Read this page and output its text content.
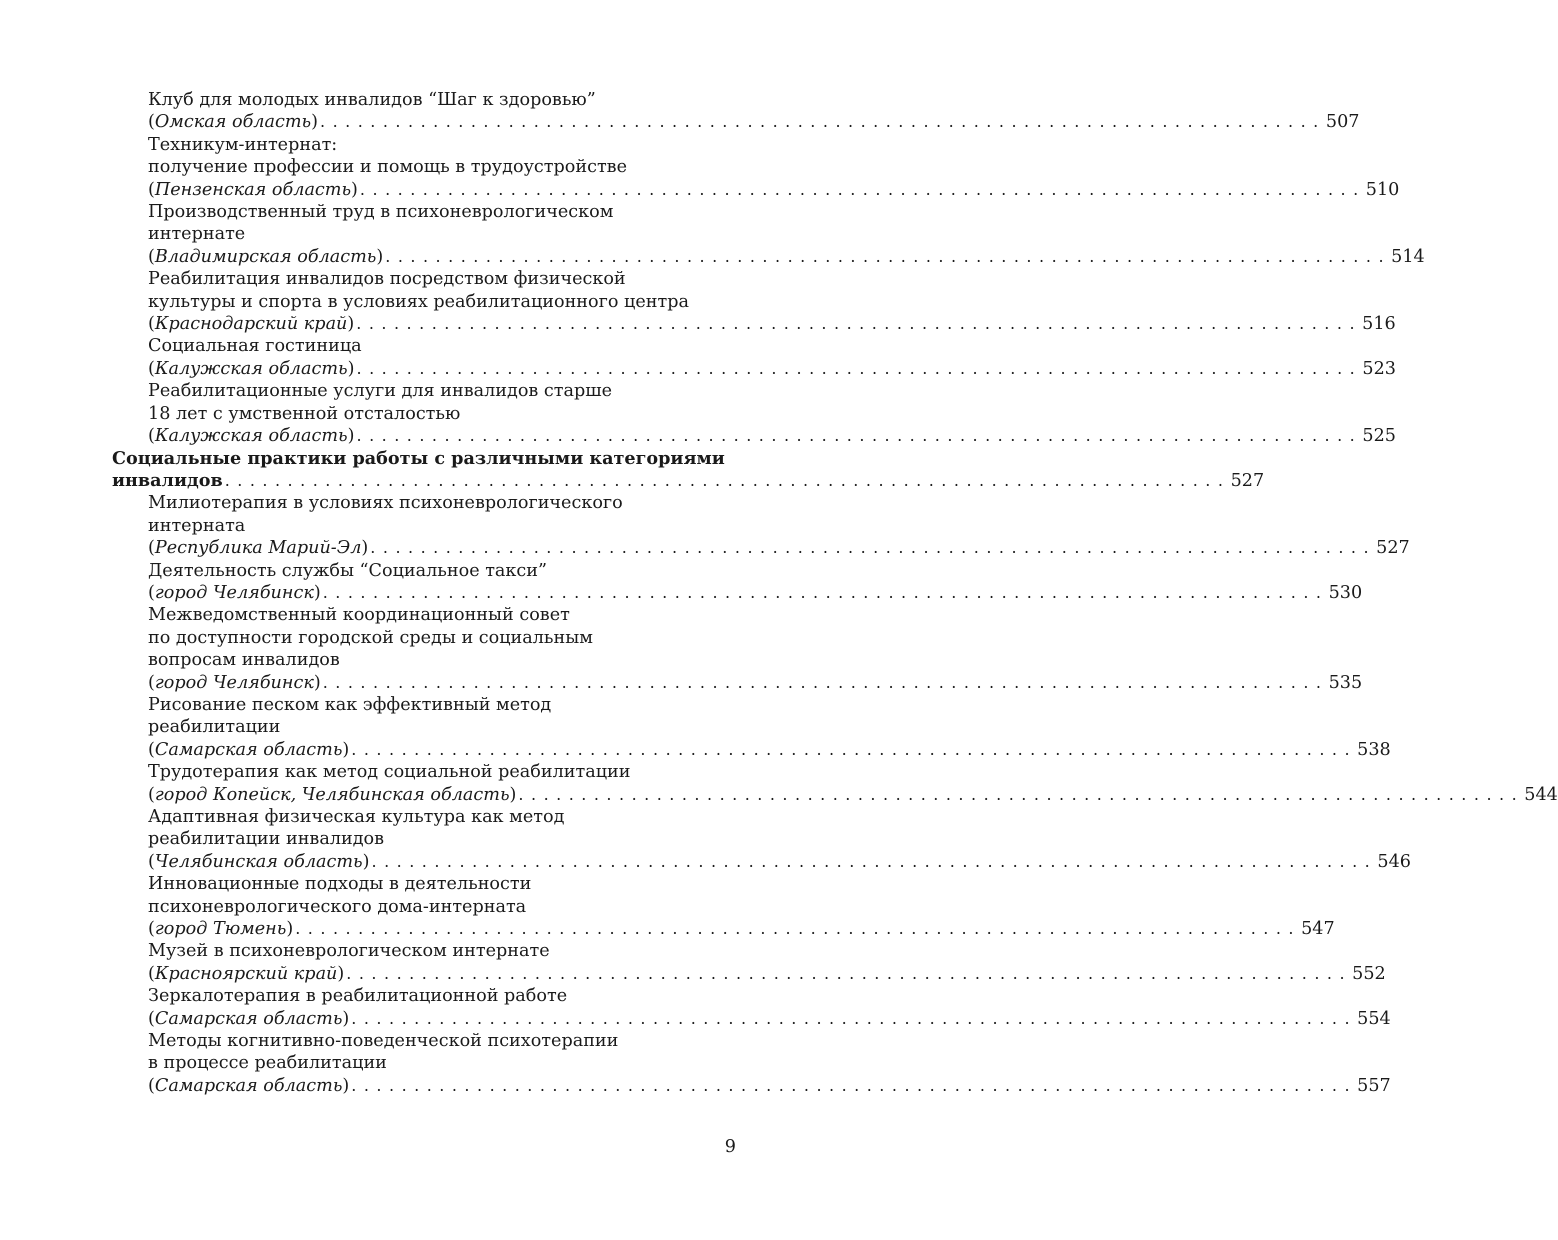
Клуб для молодых инвалидов “Шаг к здоровью”
(Омская область) . . . . . . . . . . . . . . . . . . . . . . . . . . . . . . . . . . . . . . . . . . . . . . . . . . . . . . . . . . . . . . . . . . . . . . . . . . . . . . . . 507
Техникум-интернат:
получение профессии и помощь в трудоустройстве
(Пензенская область) . . . . . . . . . . . . . . . . . . . . . . . . . . . . . . . . . . . . . . . . . . . . . . . . . . . . . . . . . . . . . . . . . . . . . . . . . . . . . . . . 510
Производственный труд в психоневрологическом
интернате
(Владимирская область) . . . . . . . . . . . . . . . . . . . . . . . . . . . . . . . . . . . . . . . . . . . . . . . . . . . . . . . . . . . . . . . . . . . . . . . . . . . . . . . . 514
Реабилитация инвалидов посредством физической
культуры и спорта в условиях реабилитационного центра
(Краснодарский край) . . . . . . . . . . . . . . . . . . . . . . . . . . . . . . . . . . . . . . . . . . . . . . . . . . . . . . . . . . . . . . . . . . . . . . . . . . . . . . . . 516
Социальная гостиница
(Калужская область) . . . . . . . . . . . . . . . . . . . . . . . . . . . . . . . . . . . . . . . . . . . . . . . . . . . . . . . . . . . . . . . . . . . . . . . . . . . . . . . . 523
Реабилитационные услуги для инвалидов старше
18 лет с умственной отсталостью
(Калужская область) . . . . . . . . . . . . . . . . . . . . . . . . . . . . . . . . . . . . . . . . . . . . . . . . . . . . . . . . . . . . . . . . . . . . . . . . . . . . . . . . 525
Социальные практики работы с различными категориями
инвалидов . . . . . . . . . . . . . . . . . . . . . . . . . . . . . . . . . . . . . . . . . . . . . . . . . . . . . . . . . . . . . . . . . . . . . . . . . . . . . . . . 527
Милиотерапия в условиях психоневрологического
интерната
(Республика Марий-Эл) . . . . . . . . . . . . . . . . . . . . . . . . . . . . . . . . . . . . . . . . . . . . . . . . . . . . . . . . . . . . . . . . . . . . . . . . . . . . . . . . 527
Деятельность службы “Социальное такси”
(город Челябинск) . . . . . . . . . . . . . . . . . . . . . . . . . . . . . . . . . . . . . . . . . . . . . . . . . . . . . . . . . . . . . . . . . . . . . . . . . . . . . . . . 530
Межведомственный координационный совет
по доступности городской среды и социальным
вопросам инвалидов
(город Челябинск) . . . . . . . . . . . . . . . . . . . . . . . . . . . . . . . . . . . . . . . . . . . . . . . . . . . . . . . . . . . . . . . . . . . . . . . . . . . . . . . . 535
Рисование песком как эффективный метод
реабилитации
(Самарская область) . . . . . . . . . . . . . . . . . . . . . . . . . . . . . . . . . . . . . . . . . . . . . . . . . . . . . . . . . . . . . . . . . . . . . . . . . . . . . . . . 538
Трудотерапия как метод социальной реабилитации
(город Копейск, Челябинская область) . . . . . . . . . . . . . . . . . . . . . . . . . . . . . . . . . . . . . . . . . . . . . . . . . . . . . . . . . . . . . . . . . . . . . . . . . . . . . . . . 544
Адаптивная физическая культура как метод
реабилитации инвалидов
(Челябинская область) . . . . . . . . . . . . . . . . . . . . . . . . . . . . . . . . . . . . . . . . . . . . . . . . . . . . . . . . . . . . . . . . . . . . . . . . . . . . . . . . 546
Инновационные подходы в деятельности
психоневрологического дома-интерната
(город Тюмень) . . . . . . . . . . . . . . . . . . . . . . . . . . . . . . . . . . . . . . . . . . . . . . . . . . . . . . . . . . . . . . . . . . . . . . . . . . . . . . . . 547
Музей в психоневрологическом интернате
(Красноярский край) . . . . . . . . . . . . . . . . . . . . . . . . . . . . . . . . . . . . . . . . . . . . . . . . . . . . . . . . . . . . . . . . . . . . . . . . . . . . . . . . 552
Зеркалотерапия в реабилитационной работе
(Самарская область) . . . . . . . . . . . . . . . . . . . . . . . . . . . . . . . . . . . . . . . . . . . . . . . . . . . . . . . . . . . . . . . . . . . . . . . . . . . . . . . . 554
Методы когнитивно-поведенческой психотерапии
в процессе реабилитации
(Самарская область) . . . . . . . . . . . . . . . . . . . . . . . . . . . . . . . . . . . . . . . . . . . . . . . . . . . . . . . . . . . . . . . . . . . . . . . . . . . . . . . . 557
9
